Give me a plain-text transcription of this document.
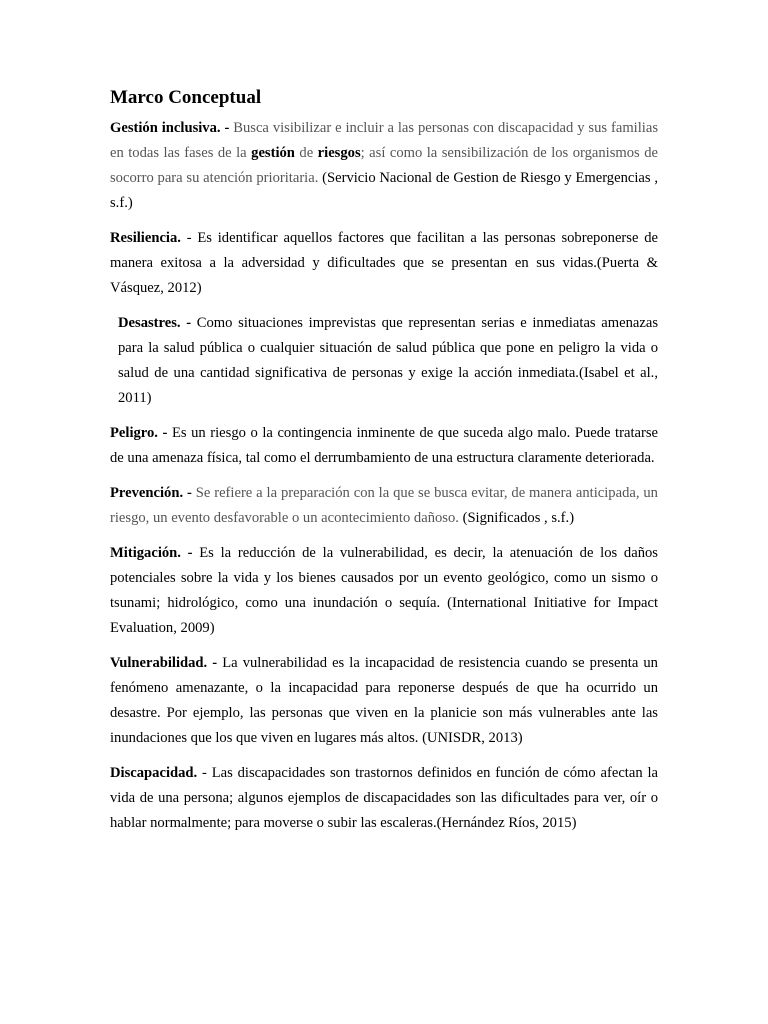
Marco Conceptual

Gestión inclusiva. - Busca visibilizar e incluir a las personas con discapacidad y sus familias en todas las fases de la gestión de riesgos; así como la sensibilización de los organismos de socorro para su atención prioritaria. (Servicio Nacional de Gestion de Riesgo y Emergencias , s.f.)

Resiliencia. - Es identificar aquellos factores que facilitan a las personas sobreponerse de manera exitosa a la adversidad y dificultades que se presentan en sus vidas.(Puerta & Vásquez, 2012)

Desastres. - Como situaciones imprevistas que representan serias e inmediatas amenazas para la salud pública o cualquier situación de salud pública que pone en peligro la vida o salud de una cantidad significativa de personas y exige la acción inmediata.(Isabel et al., 2011)

Peligro. - Es un riesgo o la contingencia inminente de que suceda algo malo. Puede tratarse de una amenaza física, tal como el derrumbamiento de una estructura claramente deteriorada.

Prevención. - Se refiere a la preparación con la que se busca evitar, de manera anticipada, un riesgo, un evento desfavorable o un acontecimiento dañoso. (Significados , s.f.)

Mitigación. - Es la reducción de la vulnerabilidad, es decir, la atenuación de los daños potenciales sobre la vida y los bienes causados por un evento geológico, como un sismo o tsunami; hidrológico, como una inundación o sequía. (International Initiative for Impact Evaluation, 2009)

Vulnerabilidad. - La vulnerabilidad es la incapacidad de resistencia cuando se presenta un fenómeno amenazante, o la incapacidad para reponerse después de que ha ocurrido un desastre. Por ejemplo, las personas que viven en la planicie son más vulnerables ante las inundaciones que los que viven en lugares más altos. (UNISDR, 2013)

Discapacidad. - Las discapacidades son trastornos definidos en función de cómo afectan la vida de una persona; algunos ejemplos de discapacidades son las dificultades para ver, oír o hablar normalmente; para moverse o subir las escaleras.(Hernández Ríos, 2015)
